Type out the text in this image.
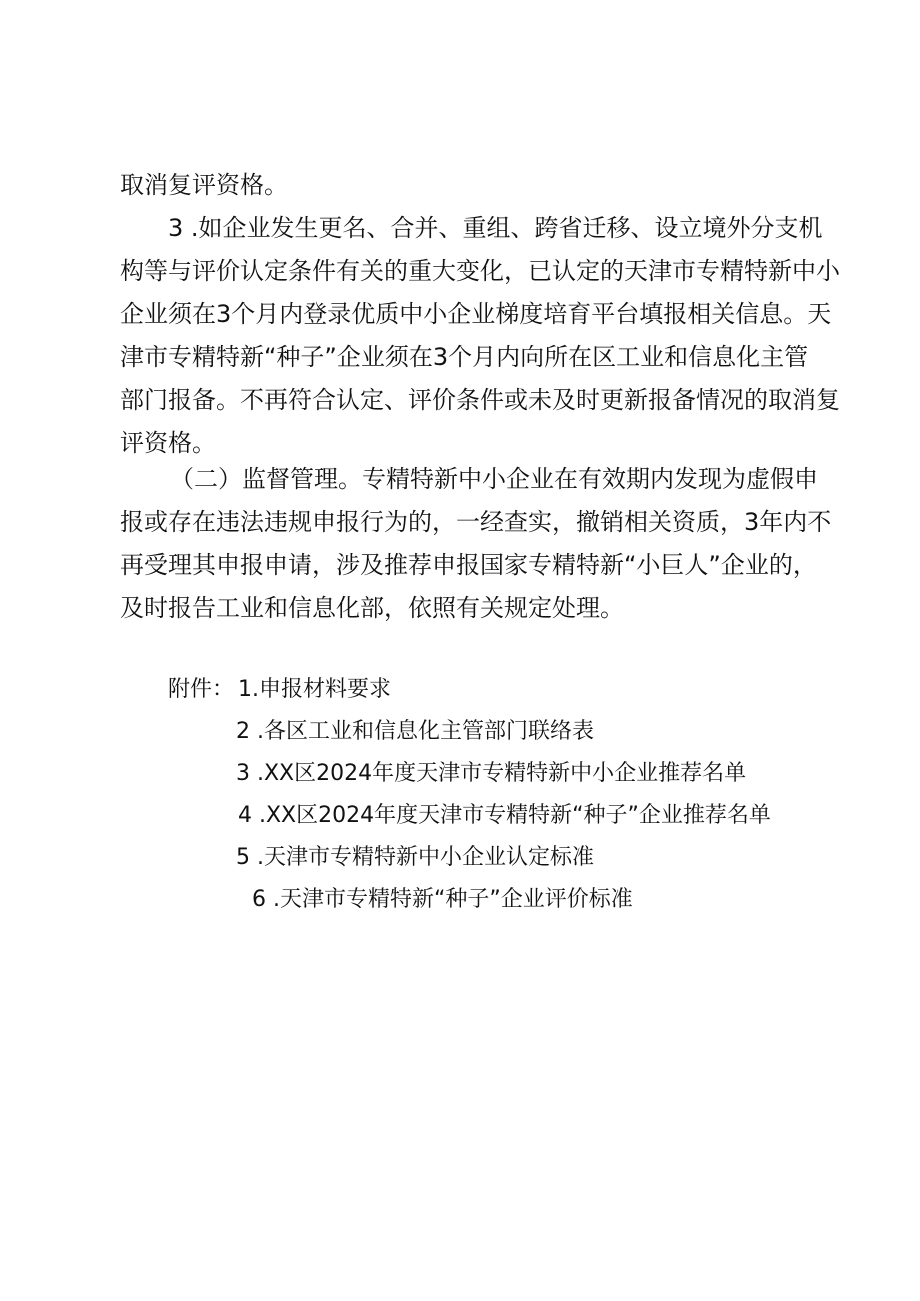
取消复评资格。
3 .如企业发生更名、合并、重组、跨省迁移、设立境外分支机
构等与评价认定条件有关的重大变化，已认定的天津市专精特新中小
企业须在3个月内登录优质中小企业梯度培育平台填报相关信息。天
津市专精特新“种子”企业须在3个月内向所在区工业和信息化主管
部门报备。不再符合认定、评价条件或未及时更新报备情况的取消复
评资格。
（二）监督管理。专精特新中小企业在有效期内发现为虚假申
报或存在违法违规申报行为的，一经查实，撤销相关资质，3年内不
再受理其申报申请，涉及推荐申报国家专精特新“小巨人”企业的，
及时报告工业和信息化部，依照有关规定处理。
附件： 1.申报材料要求
2 .各区工业和信息化主管部门联络表
3 .XX区2024年度天津市专精特新中小企业推荐名单
4 .XX区2024年度天津市专精特新“种子”企业推荐名单
5 .天津市专精特新中小企业认定标准
6 .天津市专精特新“种子”企业评价标准
